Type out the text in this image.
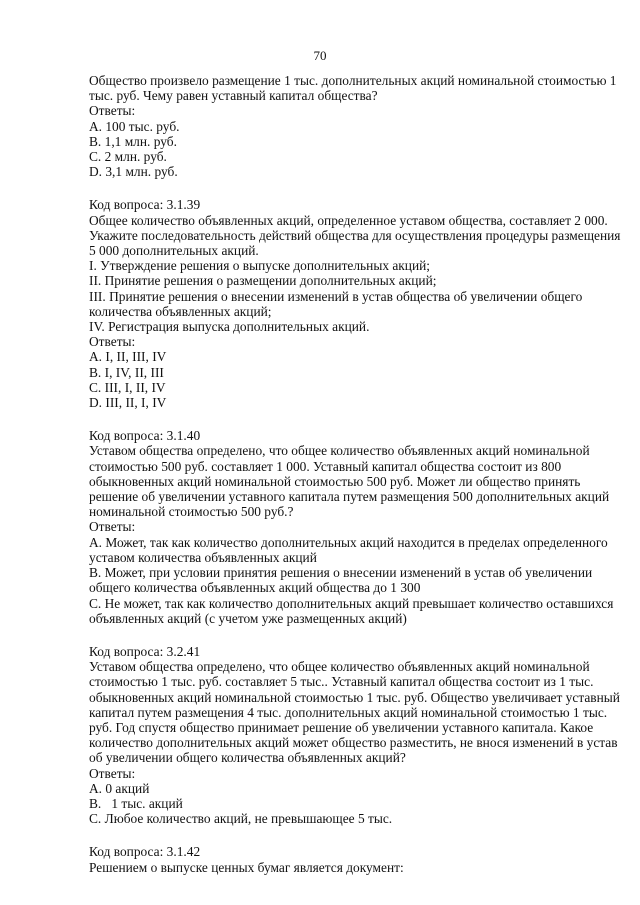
70
Общество произвело размещение 1 тыс. дополнительных акций номинальной стоимостью 1
тыс. руб. Чему равен уставный капитал общества?
Ответы:
А. 100 тыс. руб.
В. 1,1 млн. руб.
С. 2 млн. руб.
D. 3,1 млн. руб.
Код вопроса: 3.1.39
Общее количество объявленных акций, определенное уставом общества, составляет 2 000.
Укажите последовательность действий общества для осуществления процедуры размещения
5 000 дополнительных акций.
I. Утверждение решения о выпуске дополнительных акций;
II. Принятие решения о размещении дополнительных акций;
III. Принятие решения о внесении изменений в устав общества об увеличении общего
количества объявленных акций;
IV. Регистрация выпуска дополнительных акций.
Ответы:
A. I, II, III, IV
B. I, IV, II, III
C. III, I, II, IV
D. III, II, I, IV
Код вопроса: 3.1.40
Уставом общества определено, что общее количество объявленных акций номинальной
стоимостью 500 руб. составляет 1 000. Уставный капитал общества состоит из 800
обыкновенных акций номинальной стоимостью 500 руб. Может ли общество принять
решение об увеличении уставного капитала путем размещения 500 дополнительных акций
номинальной стоимостью 500 руб.?
Ответы:
А. Может, так как количество дополнительных акций находится в пределах определенного
уставом количества объявленных акций
В. Может, при условии принятия решения о внесении изменений в устав об увеличении
общего количества объявленных акций общества до 1 300
С. Не может, так как количество дополнительных акций превышает количество оставшихся
объявленных акций (с учетом уже размещенных акций)
Код вопроса: 3.2.41
Уставом общества определено, что общее количество объявленных акций номинальной
стоимостью 1 тыс. руб. составляет 5 тыс.. Уставный капитал общества состоит из 1 тыс.
обыкновенных акций номинальной стоимостью 1 тыс. руб. Общество увеличивает уставный
капитал путем размещения 4 тыс. дополнительных акций номинальной стоимостью 1 тыс.
руб. Год спустя общество принимает решение об увеличении уставного капитала. Какое
количество дополнительных акций может общество разместить, не внося изменений в устав
об увеличении общего количества объявленных акций?
Ответы:
А. 0 акций
В.   1 тыс. акций
С. Любое количество акций, не превышающее 5 тыс.
Код вопроса: 3.1.42
Решением о выпуске ценных бумаг является документ:
